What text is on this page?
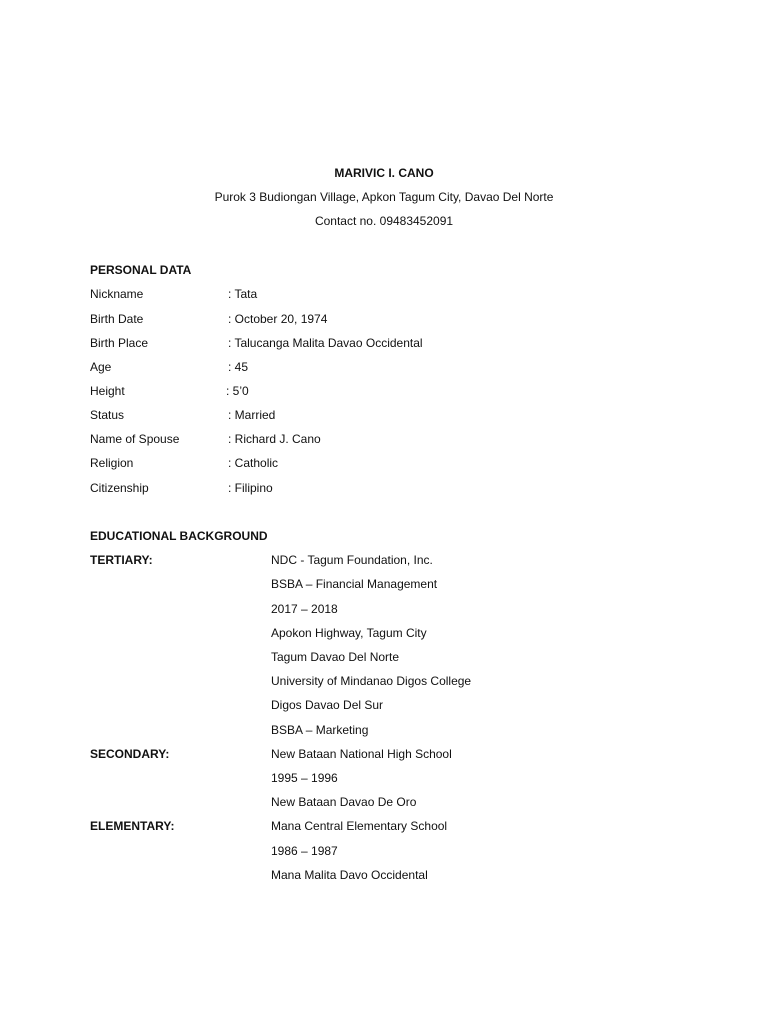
MARIVIC I. CANO
Purok 3 Budiongan Village, Apkon Tagum City, Davao Del Norte
Contact no. 09483452091
PERSONAL DATA
Nickname	: Tata
Birth Date	: October 20, 1974
Birth Place	: Talucanga Malita Davao Occidental
Age	: 45
Height	: 5’0
Status	: Married
Name of Spouse	: Richard J. Cano
Religion	: Catholic
Citizenship	: Filipino
EDUCATIONAL BACKGROUND
TERTIARY:	NDC - Tagum Foundation, Inc.
BSBA – Financial Management
2017 – 2018
Apokon Highway, Tagum City
Tagum Davao Del Norte
University of Mindanao Digos College
Digos Davao Del Sur
BSBA – Marketing
SECONDARY:	New Bataan National High School
1995 – 1996
New Bataan Davao De Oro
ELEMENTARY:	Mana Central Elementary School
1986 – 1987
Mana Malita Davo Occidental
